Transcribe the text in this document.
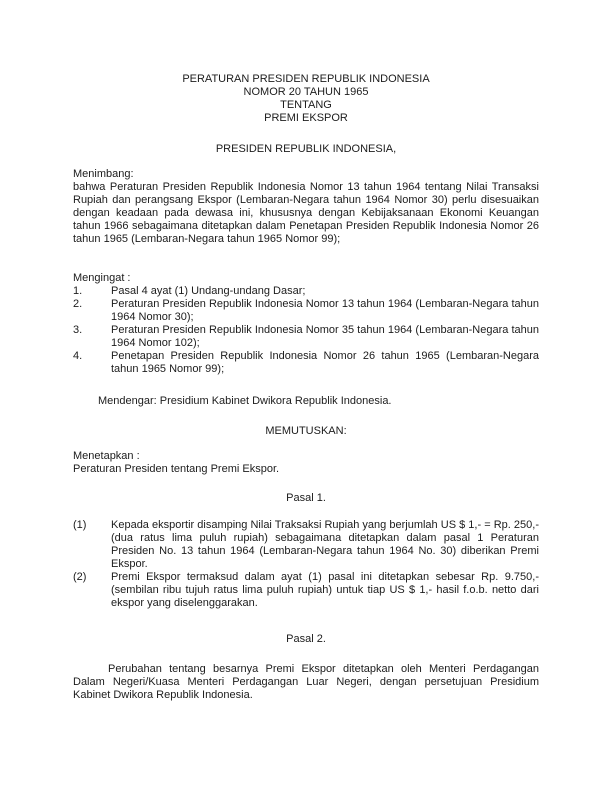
PERATURAN PRESIDEN REPUBLIK INDONESIA
NOMOR 20 TAHUN 1965
TENTANG
PREMI EKSPOR
PRESIDEN REPUBLIK INDONESIA,
Menimbang:
bahwa Peraturan Presiden Republik Indonesia Nomor 13 tahun 1964 tentang Nilai Transaksi Rupiah dan perangsang Ekspor (Lembaran-Negara tahun 1964 Nomor 30) perlu disesuaikan dengan keadaan pada dewasa ini, khususnya dengan Kebijaksanaan Ekonomi Keuangan tahun 1966 sebagaimana ditetapkan dalam Penetapan Presiden Republik Indonesia Nomor 26 tahun 1965 (Lembaran-Negara tahun 1965 Nomor 99);
Mengingat :
1.	Pasal 4 ayat (1) Undang-undang Dasar;
2.	Peraturan Presiden Republik Indonesia Nomor 13 tahun 1964 (Lembaran-Negara tahun 1964 Nomor 30);
3.	Peraturan Presiden Republik Indonesia Nomor 35 tahun 1964 (Lembaran-Negara tahun 1964 Nomor 102);
4.	Penetapan Presiden Republik Indonesia Nomor 26 tahun 1965 (Lembaran-Negara tahun 1965 Nomor 99);
Mendengar: Presidium Kabinet Dwikora Republik Indonesia.
MEMUTUSKAN:
Menetapkan :
Peraturan Presiden tentang Premi Ekspor.
Pasal 1.
(1)	Kepada eksportir disamping Nilai Traksaksi Rupiah yang berjumlah US $ 1,- = Rp. 250,- (dua ratus lima puluh rupiah) sebagaimana ditetapkan dalam pasal 1 Peraturan Presiden No. 13 tahun 1964 (Lembaran-Negara tahun 1964 No. 30) diberikan Premi Ekspor.
(2)	Premi Ekspor termaksud dalam ayat (1) pasal ini ditetapkan sebesar Rp. 9.750,- (sembilan ribu tujuh ratus lima puluh rupiah) untuk tiap US $ 1,- hasil f.o.b. netto dari ekspor yang diselenggarakan.
Pasal 2.
Perubahan tentang besarnya Premi Ekspor ditetapkan oleh Menteri Perdagangan Dalam Negeri/Kuasa Menteri Perdagangan Luar Negeri, dengan persetujuan Presidium Kabinet Dwikora Republik Indonesia.
